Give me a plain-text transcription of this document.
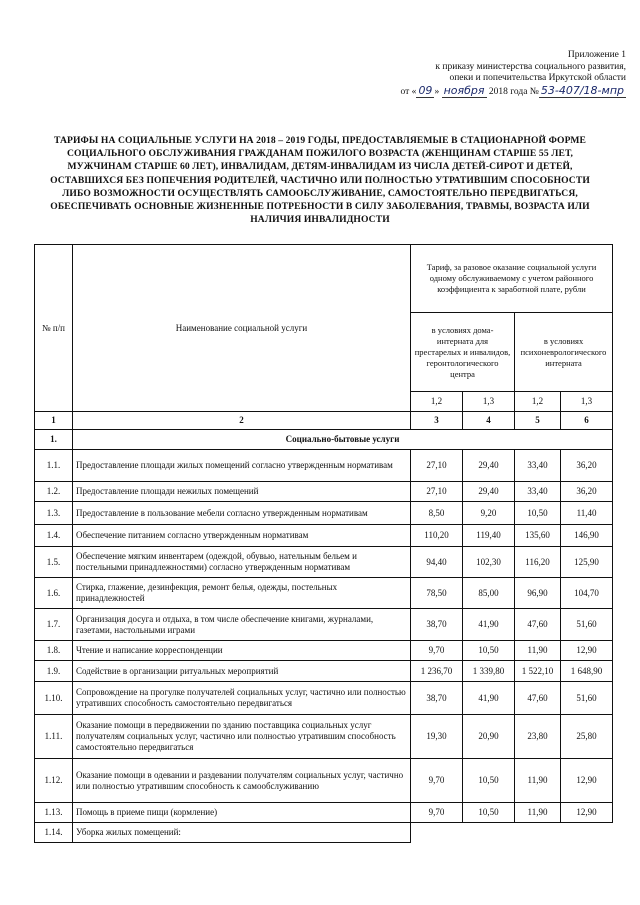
Приложение 1
к приказу министерства социального развития,
опеки и попечительства Иркутской области
от « 09 » ноября 2018 года № 53-407/18-мпр
ТАРИФЫ НА СОЦИАЛЬНЫЕ УСЛУГИ НА 2018 – 2019 ГОДЫ, ПРЕДОСТАВЛЯЕМЫЕ В СТАЦИОНАРНОЙ ФОРМЕ СОЦИАЛЬНОГО ОБСЛУЖИВАНИЯ ГРАЖДАНАМ ПОЖИЛОГО ВОЗРАСТА (ЖЕНЩИНАМ СТАРШЕ 55 ЛЕТ, МУЖЧИНАМ СТАРШЕ 60 ЛЕТ), ИНВАЛИДАМ, ДЕТЯМ-ИНВАЛИДАМ ИЗ ЧИСЛА ДЕТЕЙ-СИРОТ И ДЕТЕЙ, ОСТАВШИХСЯ БЕЗ ПОПЕЧЕНИЯ РОДИТЕЛЕЙ, ЧАСТИЧНО ИЛИ ПОЛНОСТЬЮ УТРАТИВШИМ СПОСОБНОСТИ ЛИБО ВОЗМОЖНОСТИ ОСУЩЕСТВЛЯТЬ САМООБСЛУЖИВАНИЕ, САМОСТОЯТЕЛЬНО ПЕРЕДВИГАТЬСЯ, ОБЕСПЕЧИВАТЬ ОСНОВНЫЕ ЖИЗНЕННЫЕ ПОТРЕБНОСТИ В СИЛУ ЗАБОЛЕВАНИЯ, ТРАВМЫ, ВОЗРАСТА ИЛИ НАЛИЧИЯ ИНВАЛИДНОСТИ
№ п/п	Наименование социальной услуги	Тариф, за разовое оказание социальной услуги одному обслуживаемому с учетом районного коэффициента к заработной плате, рубли			
		в условиях дома-интерната для престарелых и инвалидов, геронтологического центра		в условиях психоневрологического интерната	
		1,2	1,3	1,2	1,3
1	2	3	4	5	6
1.	Социально-бытовые услуги				
1.1.	Предоставление площади жилых помещений согласно утвержденным нормативам	27,10	29,40	33,40	36,20
1.2.	Предоставление площади нежилых помещений	27,10	29,40	33,40	36,20
1.3.	Предоставление в пользование мебели согласно утвержденным нормативам	8,50	9,20	10,50	11,40
1.4.	Обеспечение питанием согласно утвержденным нормативам	110,20	119,40	135,60	146,90
1.5.	Обеспечение мягким инвентарем (одеждой, обувью, нательным бельем и постельными принадлежностями) согласно утвержденным нормативам	94,40	102,30	116,20	125,90
1.6.	Стирка, глажение, дезинфекция, ремонт белья, одежды, постельных принадлежностей	78,50	85,00	96,90	104,70
1.7.	Организация досуга и отдыха, в том числе обеспечение книгами, журналами, газетами, настольными играми	38,70	41,90	47,60	51,60
1.8.	Чтение и написание корреспонденции	9,70	10,50	11,90	12,90
1.9.	Содействие в организации ритуальных мероприятий	1 236,70	1 339,80	1 522,10	1 648,90
1.10.	Сопровождение на прогулке получателей социальных услуг, частично или полностью утративших способность самостоятельно передвигаться	38,70	41,90	47,60	51,60
1.11.	Оказание помощи в передвижении по зданию поставщика социальных услуг получателям социальных услуг, частично или полностью утратившим способность самостоятельно передвигаться	19,30	20,90	23,80	25,80
1.12.	Оказание помощи в одевании и раздевании получателям социальных услуг, частично или полностью утратившим способность к самообслуживанию	9,70	10,50	11,90	12,90
1.13.	Помощь в приеме пищи (кормление)	9,70	10,50	11,90	12,90
1.14.	Уборка жилых помещений:				
